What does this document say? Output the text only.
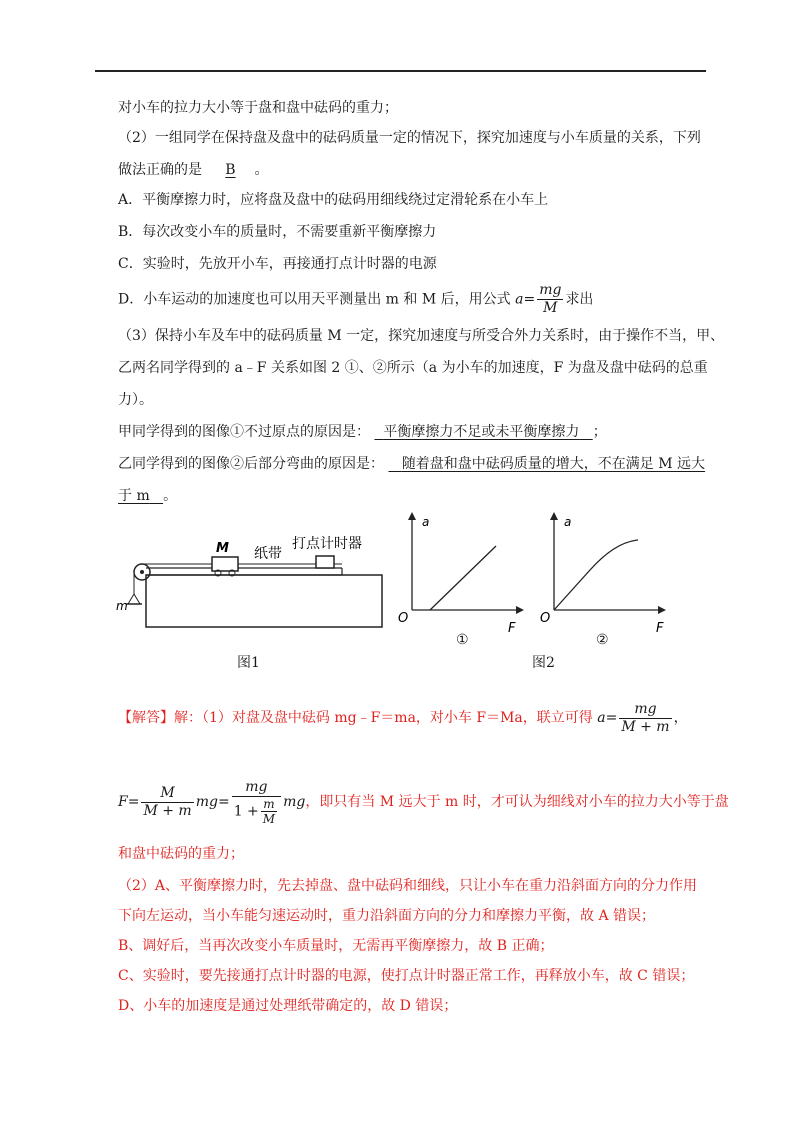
对小车的拉力大小等于盘和盘中砝码的重力；
（2）一组同学在保持盘及盘中的砝码质量一定的情况下，探究加速度与小车质量的关系，下列
做法正确的是 B 。
A．平衡摩擦力时，应将盘及盘中的砝码用细线绕过定滑轮系在小车上
B．每次改变小车的质量时，不需要重新平衡摩擦力
C．实验时，先放开小车，再接通打点计时器的电源
D．小车运动的加速度也可以用天平测量出 m 和 M 后，用公式 $a= \frac{mg}{M}$ 求出
（3）保持小车及车中的砝码质量 M 一定，探究加速度与所受合外力关系时，由于操作不当，甲、
乙两名同学得到的 a﹣F 关系如图 2 ①、②所示（a 为小车的加速度，F 为盘及盘中砝码的总重
力）。
甲同学得到的图像①不过原点的原因是： 平衡摩擦力不足或未平衡摩擦力 ；
乙同学得到的图像②后部分弯曲的原因是： 随着盘和盘中砝码质量的增大，不在满足 M 远大
于 m 。
m
M 纸带
打点计时器
图1
a
F
O
①
a
F
O
②
图2
【解答】解：（1）对盘及盘中砝码 mg﹣F＝ma，对小车 F＝Ma，联立可得 $a= \frac{mg}{M + m}$ ，
$F= \frac{M}{M + m} mg= \frac{mg}{1 + \frac{m}{M}}$ mg，即只有当 M 远大于 m 时，才可认为细线对小车的拉力大小等于盘
和盘中砝码的重力；
（2）A、平衡摩擦力时，先去掉盘、盘中砝码和细线，只让小车在重力沿斜面方向的分力作用
下向左运动，当小车能匀速运动时，重力沿斜面方向的分力和摩擦力平衡，故 A 错误；
B、调好后，当再次改变小车质量时，无需再平衡摩擦力，故 B 正确；
C、实验时，要先接通打点计时器的电源，使打点计时器正常工作，再释放小车，故 C 错误；
D、小车的加速度是通过处理纸带确定的，故 D 错误；
